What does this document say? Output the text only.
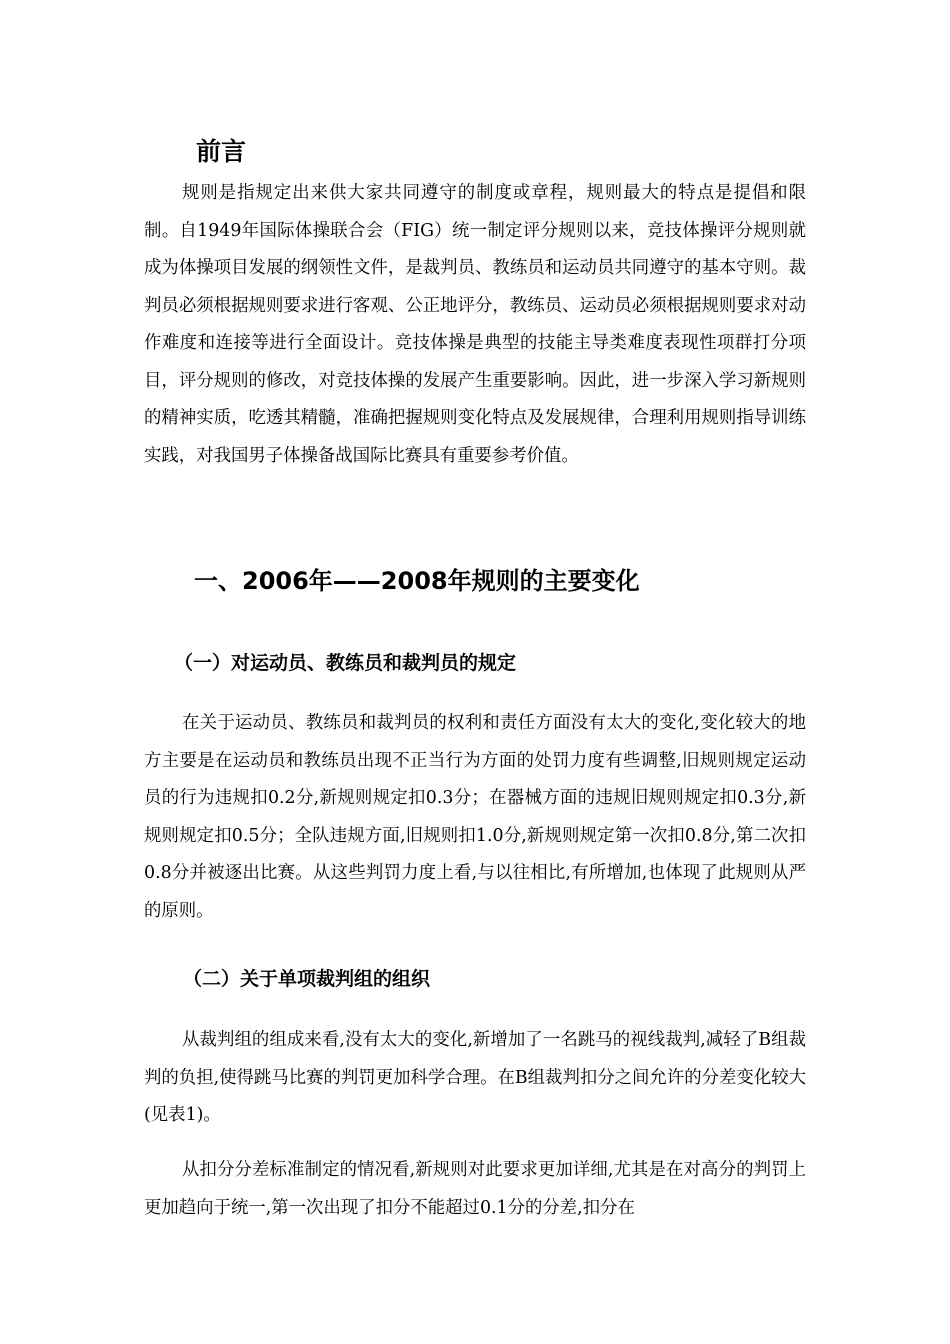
前言

规则是指规定出来供大家共同遵守的制度或章程，规则最大的特点是提倡和限制。自1949年国际体操联合会（FIG）统一制定评分规则以来，竞技体操评分规则就成为体操项目发展的纲领性文件，是裁判员、教练员和运动员共同遵守的基本守则。裁判员必须根据规则要求进行客观、公正地评分，教练员、运动员必须根据规则要求对动作难度和连接等进行全面设计。竞技体操是典型的技能主导类难度表现性项群打分项目，评分规则的修改，对竞技体操的发展产生重要影响。因此，进一步深入学习新规则的精神实质，吃透其精髓，准确把握规则变化特点及发展规律，合理利用规则指导训练实践，对我国男子体操备战国际比赛具有重要参考价值。

一、2006年——2008年规则的主要变化
（一）对运动员、教练员和裁判员的规定

在关于运动员、教练员和裁判员的权利和责任方面没有太大的变化,变化较大的地方主要是在运动员和教练员出现不正当行为方面的处罚力度有些调整,旧规则规定运动员的行为违规扣0.2分,新规则规定扣0.3分；在器械方面的违规旧规则规定扣0.3分,新规则规定扣0.5分；全队违规方面,旧规则扣1.0分,新规则规定第一次扣0.8分,第二次扣0.8分并被逐出比赛。从这些判罚力度上看,与以往相比,有所增加,也体现了此规则从严的原则。

（二）关于单项裁判组的组织

从裁判组的组成来看,没有太大的变化,新增加了一名跳马的视线裁判,减轻了B组裁判的负担,使得跳马比赛的判罚更加科学合理。在B组裁判扣分之间允许的分差变化较大(见表1)。

从扣分分差标准制定的情况看,新规则对此要求更加详细,尤其是在对高分的判罚上更加趋向于统一,第一次出现了扣分不能超过0.1分的分差,扣分在
